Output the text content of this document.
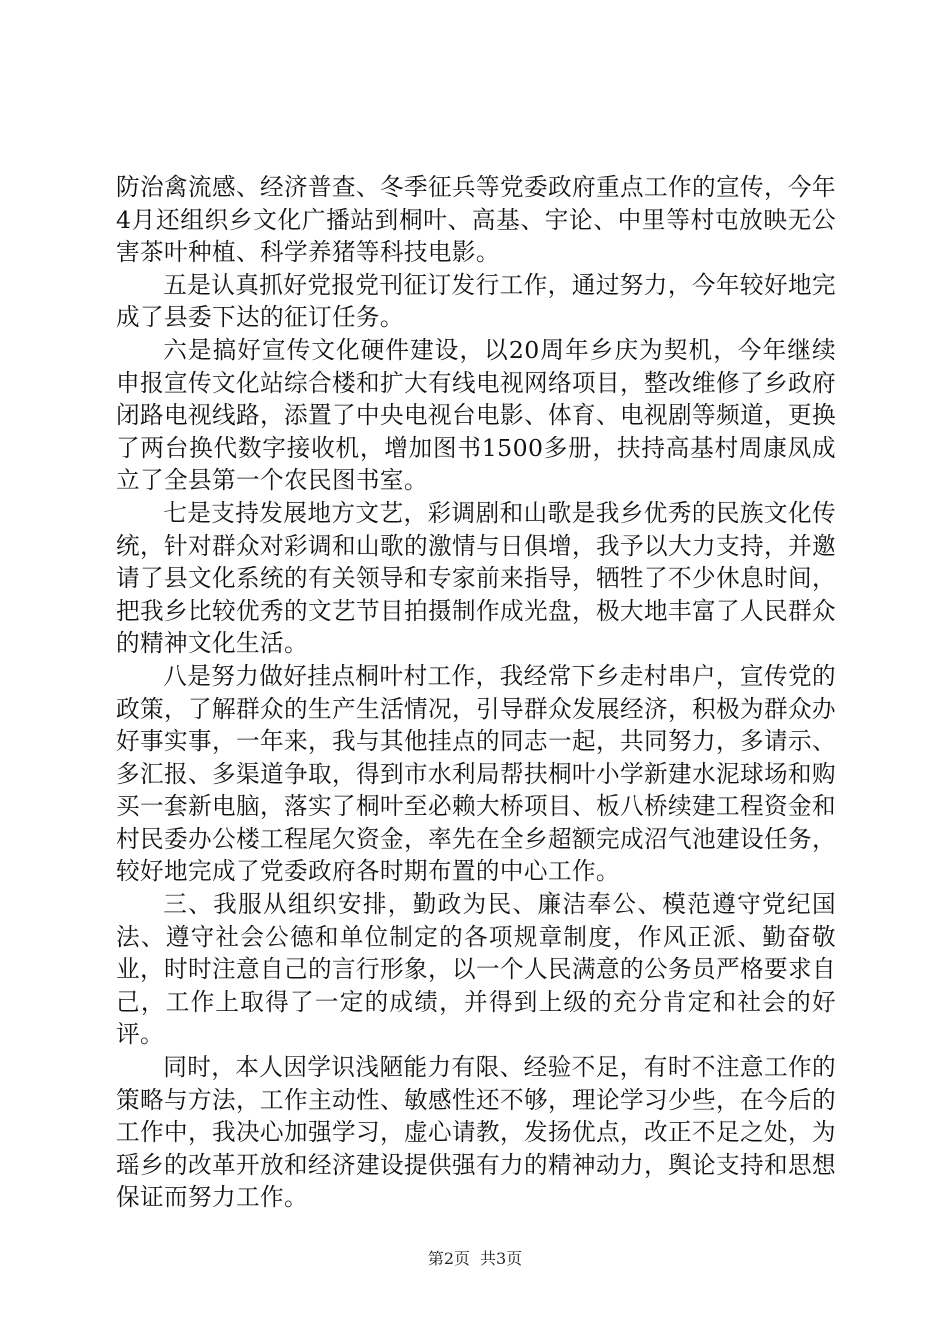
防治禽流感、经济普查、冬季征兵等党委政府重点工作的宣传，今年4月还组织乡文化广播站到桐叶、高基、宇论、中里等村屯放映无公害茶叶种植、科学养猪等科技电影。

五是认真抓好党报党刊征订发行工作，通过努力，今年较好地完成了县委下达的征订任务。

六是搞好宣传文化硬件建设，以20周年乡庆为契机，今年继续申报宣传文化站综合楼和扩大有线电视网络项目，整改维修了乡政府闭路电视线路，添置了中央电视台电影、体育、电视剧等频道，更换了两台换代数字接收机，增加图书1500多册，扶持高基村周康凤成立了全县第一个农民图书室。

七是支持发展地方文艺，彩调剧和山歌是我乡优秀的民族文化传统，针对群众对彩调和山歌的激情与日俱增，我予以大力支持，并邀请了县文化系统的有关领导和专家前来指导，牺牲了不少休息时间，把我乡比较优秀的文艺节目拍摄制作成光盘，极大地丰富了人民群众的精神文化生活。

八是努力做好挂点桐叶村工作，我经常下乡走村串户，宣传党的政策，了解群众的生产生活情况，引导群众发展经济，积极为群众办好事实事，一年来，我与其他挂点的同志一起，共同努力，多请示、多汇报、多渠道争取，得到市水利局帮扶桐叶小学新建水泥球场和购买一套新电脑，落实了桐叶至必赖大桥项目、板八桥续建工程资金和村民委办公楼工程尾欠资金，率先在全乡超额完成沼气池建设任务，较好地完成了党委政府各时期布置的中心工作。

三、我服从组织安排，勤政为民、廉洁奉公、模范遵守党纪国法、遵守社会公德和单位制定的各项规章制度，作风正派、勤奋敬业，时时注意自己的言行形象，以一个人民满意的公务员严格要求自己，工作上取得了一定的成绩，并得到上级的充分肯定和社会的好评。

同时，本人因学识浅陋能力有限、经验不足，有时不注意工作的策略与方法，工作主动性、敏感性还不够，理论学习少些，在今后的工作中，我决心加强学习，虚心请教，发扬优点，改正不足之处，为瑶乡的改革开放和经济建设提供强有力的精神动力，舆论支持和思想保证而努力工作。

第2页 共3页
